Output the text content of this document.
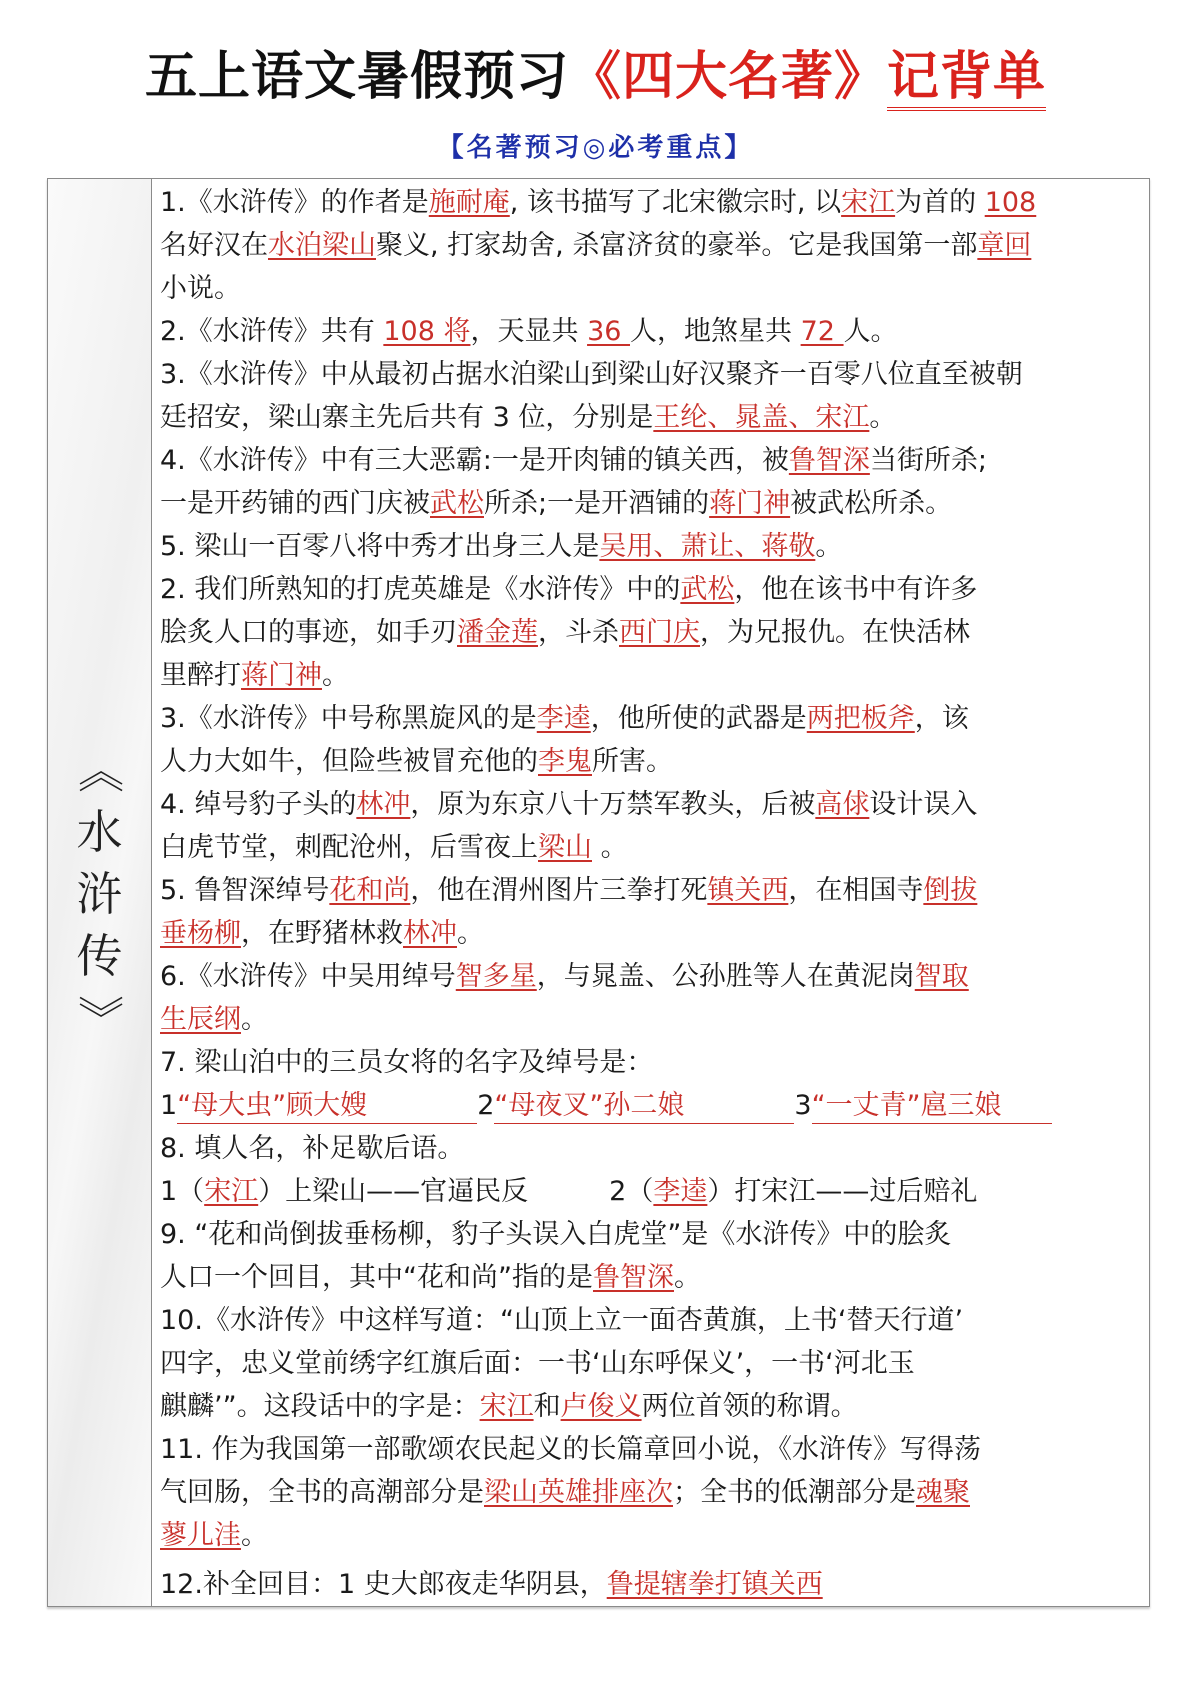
五上语文暑假预习《四大名著》记背单
【名著预习◎必考重点】
《
水
浒
传
》
1.《水浒传》的作者是施耐庵, 该书描写了北宋徽宗时, 以宋江为首的 108
名好汉在水泊梁山聚义, 打家劫舍, 杀富济贫的豪举。它是我国第一部章回
小说。
2.《水浒传》共有 108 将，天显共 36 人，地煞星共 72 人。
3.《水浒传》中从最初占据水泊梁山到梁山好汉聚齐一百零八位直至被朝
廷招安，梁山寨主先后共有 3 位，分别是王纶、晁盖、宋江。
4.《水浒传》中有三大恶霸:一是开肉铺的镇关西，被鲁智深当街所杀;
一是开药铺的西门庆被武松所杀;一是开酒铺的蒋门神被武松所杀。
5. 梁山一百零八将中秀才出身三人是吴用、萧让、蒋敬。
2. 我们所熟知的打虎英雄是《水浒传》中的武松，他在该书中有许多
脍炙人口的事迹，如手刃潘金莲，斗杀西门庆，为兄报仇。在快活林
里醉打蒋门神。
3.《水浒传》中号称黑旋风的是李逵，他所使的武器是两把板斧，该
人力大如牛，但险些被冒充他的李鬼所害。
4. 绰号豹子头的林冲，原为东京八十万禁军教头，后被高俅设计误入
白虎节堂，刺配沧州，后雪夜上梁山 。
5. 鲁智深绰号花和尚，他在渭州图片三拳打死镇关西，在相国寺倒拔
垂杨柳，在野猪林救林冲。
6.《水浒传》中吴用绰号智多星，与晁盖、公孙胜等人在黄泥岗智取
生辰纲。
7. 梁山泊中的三员女将的名字及绰号是：
1“母大虫”顾大嫂	2“母夜叉”孙二娘	3“一丈青”扈三娘
8. 填人名，补足歇后语。
1（宋江）上梁山——官逼民反　　　2（李逵）打宋江——过后赔礼
9. “花和尚倒拔垂杨柳，豹子头误入白虎堂”是《水浒传》中的脍炙
人口一个回目，其中“花和尚”指的是鲁智深。
10.《水浒传》中这样写道：“山顶上立一面杏黄旗，上书‘替天行道’
四字，忠义堂前绣字红旗后面：一书‘山东呼保义’，一书‘河北玉
麒麟’”。这段话中的字是：宋江和卢俊义两位首领的称谓。
11. 作为我国第一部歌颂农民起义的长篇章回小说，《水浒传》写得荡
气回肠，全书的高潮部分是梁山英雄排座次；全书的低潮部分是魂聚
蓼儿洼。
12.补全回目：1 史大郎夜走华阴县，鲁提辖拳打镇关西
